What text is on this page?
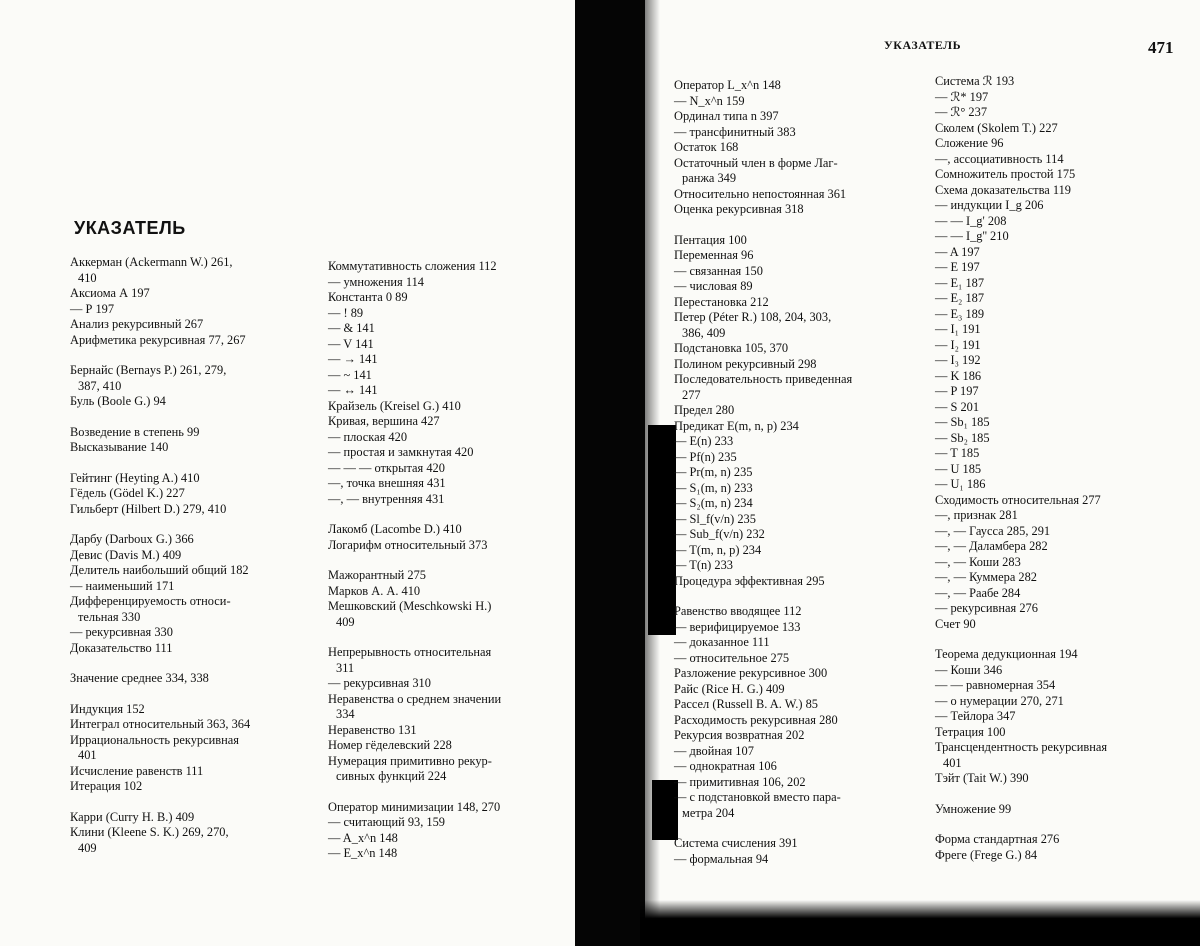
УКАЗАТЕЛЬ
УКАЗАТЕЛЬ	471
Аккерман (Ackermann W.) 261,
410
Аксиома А 197
— Р 197
Анализ рекурсивный 267
Арифметика рекурсивная 77, 267
Бернайс (Bernays P.) 261, 279,
387, 410
Буль (Boole G.) 94
Возведение в степень 99
Высказывание 140
Гейтинг (Heyting A.) 410
Гёдель (Gödel K.) 227
Гильберт (Hilbert D.) 279, 410
Дарбу (Darboux G.) 366
Девис (Davis M.) 409
Делитель наибольший общий 182
— наименьший 171
Дифференцируемость относи-
тельная 330
— рекурсивная 330
Доказательство 111
Значение среднее 334, 338
Индукция 152
Интеграл относительный 363, 364
Иррациональность рекурсивная
401
Исчисление равенств 111
Итерация 102
Карри (Curry H. B.) 409
Клини (Kleene S. K.) 269, 270,
409
Коммутативность сложения 112
— умножения 114
Константа 0 89
— ! 89
— & 141
— V 141
— → 141
— ~ 141
— ↔ 141
Крайзель (Kreisel G.) 410
Кривая, вершина 427
— плоская 420
— простая и замкнутая 420
— — — открытая 420
—, точка внешняя 431
—, — внутренняя 431
Лакомб (Lacombe D.) 410
Логарифм относительный 373
Мажорантный 275
Марков А. А. 410
Мешковский (Meschkowski H.)
409
Непрерывность относительная
311
— рекурсивная 310
Неравенства о среднем значении
334
Неравенство 131
Номер гёделевский 228
Нумерация примитивно рекур-
сивных функций 224
Оператор минимизации 148, 270
— считающий 93, 159
— A_x^n 148
— E_x^n 148
Оператор L_x^n 148
— N_x^n 159
Ординал типа n 397
— трансфинитный 383
Остаток 168
Остаточный член в форме Лаг-
ранжа 349
Относительно непостоянная 361
Оценка рекурсивная 318
Пентация 100
Переменная 96
— связанная 150
— числовая 89
Перестановка 212
Петер (Péter R.) 108, 204, 303,
386, 409
Подстановка 105, 370
Полином рекурсивный 298
Последовательность приведенная
277
Предел 280
Предикат E(m, n, p) 234
— E(n) 233
— Pf(n) 235
— Pr(m, n) 235
— S₁(m, n) 233
— S₂(m, n) 234
— Sl_f(v/n) 235
— Sub_f(v/n) 232
— T(m, n, p) 234
— T(n) 233
Процедура эффективная 295
Равенство вводящее 112
— верифицируемое 133
— доказанное 111
— относительное 275
Разложение рекурсивное 300
Райс (Rice H. G.) 409
Рассел (Russell B. A. W.) 85
Расходимость рекурсивная 280
Рекурсия возвратная 202
— двойная 107
— однократная 106
— примитивная 106, 202
— с подстановкой вместо пара-
метра 204
Система счисления 391
— формальная 94
Система ℛ 193
— ℛ* 197
— ℛ° 237
Сколем (Skolem T.) 227
Сложение 96
—, ассоциативность 114
Сомножитель простой 175
Схема доказательства 119
— индукции I_g 206
— — I_g' 208
— — I_g'' 210
— A 197
— E 197
— E₁ 187
— E₂ 187
— E₃ 189
— I₁ 191
— I₂ 191
— I₃ 192
— K 186
— P 197
— S 201
— Sb₁ 185
— Sb₂ 185
— T 185
— U 185
— U₁ 186
Сходимость относительная 277
—, признак 281
—, — Гаусса 285, 291
—, — Даламбера 282
—, — Коши 283
—, — Куммера 282
—, — Раабе 284
— рекурсивная 276
Счет 90
Теорема дедукционная 194
— Коши 346
— — равномерная 354
— о нумерации 270, 271
— Тейлора 347
Тетрация 100
Трансцендентность рекурсивная
401
Тэйт (Tait W.) 390
Умножение 99
Форма стандартная 276
Фреге (Frege G.) 84
